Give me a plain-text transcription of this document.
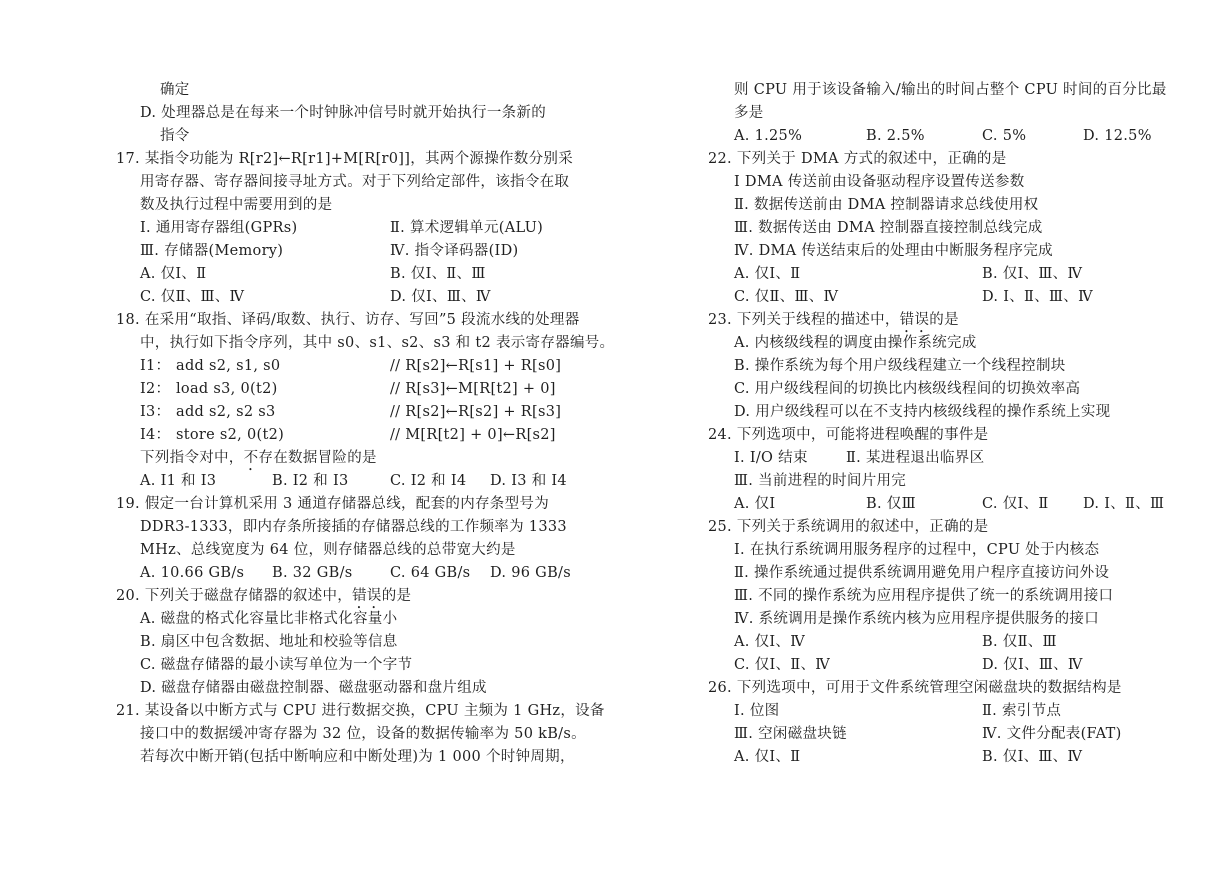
确定
D. 处理器总是在每来一个时钟脉冲信号时就开始执行一条新的
指令
17. 某指令功能为 R[r2]←R[r1]+M[R[r0]]，其两个源操作数分别采
用寄存器、寄存器间接寻址方式。对于下列给定部件，该指令在取
数及执行过程中需要用到的是
Ⅰ. 通用寄存器组(GPRs)	Ⅱ. 算术逻辑单元(ALU)
Ⅲ. 存储器(Memory)	Ⅳ. 指令译码器(ID)
A. 仅Ⅰ、Ⅱ	B. 仅Ⅰ、Ⅱ、Ⅲ
C. 仅Ⅱ、Ⅲ、Ⅳ	D. 仅Ⅰ、Ⅲ、Ⅳ
18. 在采用“取指、译码/取数、执行、访存、写回”5 段流水线的处理器
中，执行如下指令序列，其中 s0、s1、s2、s3 和 t2 表示寄存器编号。
I1： add s2, s1, s0	// R[s2]←R[s1] + R[s0]
I2： load s3, 0(t2)	// R[s3]←M[R[t2] + 0]
I3： add s2, s2 s3	// R[s2]←R[s2] + R[s3]
I4： store s2, 0(t2)	// M[R[t2] + 0]←R[s2]
下列指令对中，不存在数据冒险的是
A. I1 和 I3	B. I2 和 I3	C. I2 和 I4 D. I3 和 I4
19. 假定一台计算机采用 3 通道存储器总线，配套的内存条型号为
DDR3-1333，即内存条所接插的存储器总线的工作频率为 1333
MHz、总线宽度为 64 位，则存储器总线的总带宽大约是
A. 10.66 GB/s B. 32 GB/s	C. 64 GB/s D. 96 GB/s
20. 下列关于磁盘存储器的叙述中，错误的是
A. 磁盘的格式化容量比非格式化容量小
B. 扇区中包含数据、地址和校验等信息
C. 磁盘存储器的最小读写单位为一个字节
D. 磁盘存储器由磁盘控制器、磁盘驱动器和盘片组成
21. 某设备以中断方式与 CPU 进行数据交换，CPU 主频为 1 GHz，设备
接口中的数据缓冲寄存器为 32 位，设备的数据传输率为 50 kB/s。
若每次中断开销(包括中断响应和中断处理)为 1 000 个时钟周期，
则 CPU 用于该设备输入/输出的时间占整个 CPU 时间的百分比最
多是
A. 1.25%	B. 2.5%	C. 5%	D. 12.5%
22. 下列关于 DMA 方式的叙述中，正确的是
Ⅰ DMA 传送前由设备驱动程序设置传送参数
Ⅱ. 数据传送前由 DMA 控制器请求总线使用权
Ⅲ. 数据传送由 DMA 控制器直接控制总线完成
Ⅳ. DMA 传送结束后的处理由中断服务程序完成
A. 仅Ⅰ、Ⅱ	B. 仅Ⅰ、Ⅲ、Ⅳ
C. 仅Ⅱ、Ⅲ、Ⅳ	D. Ⅰ、Ⅱ、Ⅲ、Ⅳ
23. 下列关于线程的描述中，错误的是
A. 内核级线程的调度由操作系统完成
B. 操作系统为每个用户级线程建立一个线程控制块
C. 用户级线程间的切换比内核级线程间的切换效率高
D. 用户级线程可以在不支持内核级线程的操作系统上实现
24. 下列选项中，可能将进程唤醒的事件是
Ⅰ. I/O 结束	Ⅱ. 某进程退出临界区
Ⅲ. 当前进程的时间片用完
A. 仅Ⅰ	B. 仅Ⅲ	C. 仅Ⅰ、Ⅱ D. Ⅰ、Ⅱ、Ⅲ
25. 下列关于系统调用的叙述中，正确的是
Ⅰ. 在执行系统调用服务程序的过程中，CPU 处于内核态
Ⅱ. 操作系统通过提供系统调用避免用户程序直接访问外设
Ⅲ. 不同的操作系统为应用程序提供了统一的系统调用接口
Ⅳ. 系统调用是操作系统内核为应用程序提供服务的接口
A. 仅Ⅰ、Ⅳ	B. 仅Ⅱ、Ⅲ
C. 仅Ⅰ、Ⅱ、Ⅳ	D. 仅Ⅰ、Ⅲ、Ⅳ
26. 下列选项中，可用于文件系统管理空闲磁盘块的数据结构是
Ⅰ. 位图	Ⅱ. 索引节点
Ⅲ. 空闲磁盘块链	Ⅳ. 文件分配表(FAT)
A. 仅Ⅰ、Ⅱ	B. 仅Ⅰ、Ⅲ、Ⅳ
